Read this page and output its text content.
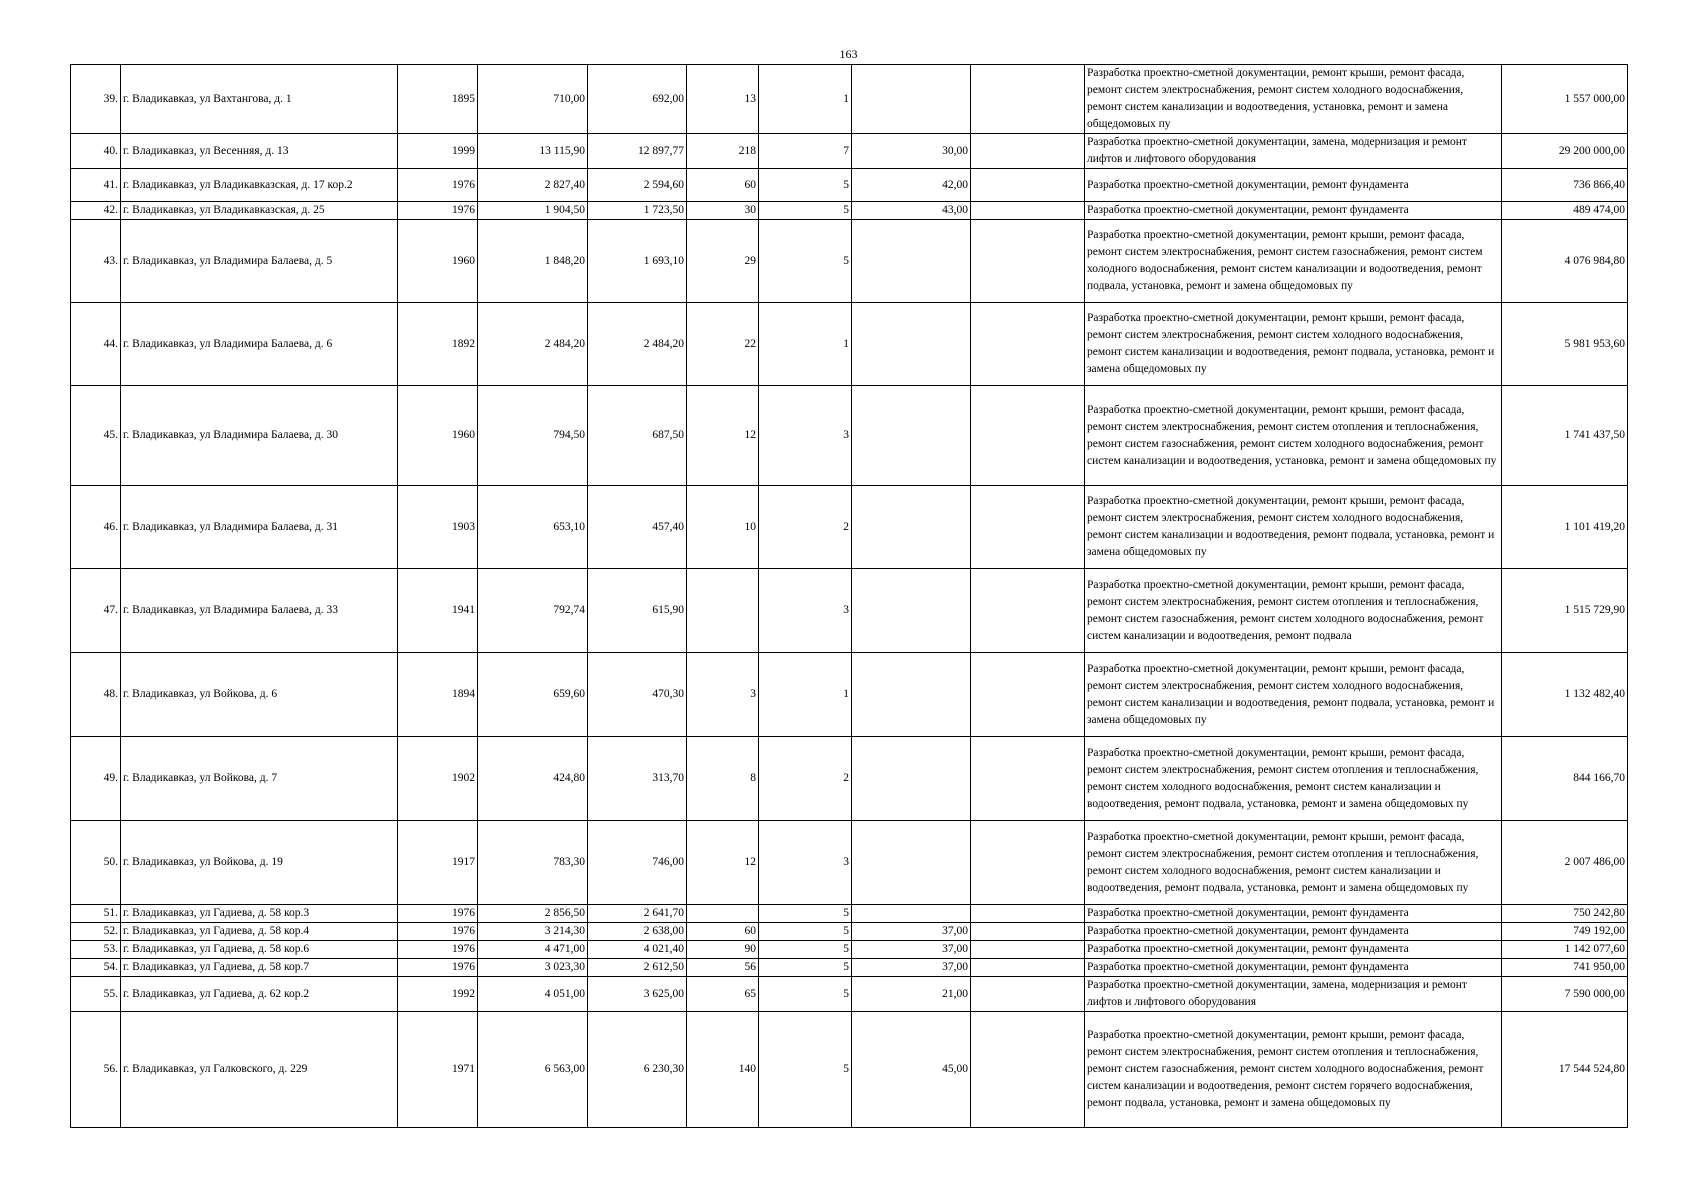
163
39.	г. Владикавказ, ул Вахтангова, д. 1	1895	710,00	692,00	13	1			Разработка проектно-сметной документации, ремонт крыши, ремонт фасада, ремонт систем электроснабжения, ремонт систем холодного водоснабжения, ремонт систем канализации и водоотведения, установка, ремонт и замена общедомовых пу	1 557 000,00
40.	г. Владикавказ, ул Весенняя, д. 13	1999	13 115,90	12 897,77	218	7	30,00		Разработка проектно-сметной документации, замена, модернизация и ремонт лифтов и лифтового оборудования	29 200 000,00
41.	г. Владикавказ, ул Владикавказская, д. 17 кор.2	1976	2 827,40	2 594,60	60	5	42,00		Разработка проектно-сметной документации, ремонт фундамента	736 866,40
42.	г. Владикавказ, ул Владикавказская, д. 25	1976	1 904,50	1 723,50	30	5	43,00		Разработка проектно-сметной документации, ремонт фундамента	489 474,00
43.	г. Владикавказ, ул Владимира Балаева, д. 5	1960	1 848,20	1 693,10	29	5			Разработка проектно-сметной документации, ремонт крыши, ремонт фасада, ремонт систем электроснабжения, ремонт систем газоснабжения, ремонт систем холодного водоснабжения, ремонт систем канализации и водоотведения, ремонт подвала, установка, ремонт и замена общедомовых пу	4 076 984,80
44.	г. Владикавказ, ул Владимира Балаева, д. 6	1892	2 484,20	2 484,20	22	1			Разработка проектно-сметной документации, ремонт крыши, ремонт фасада, ремонт систем электроснабжения, ремонт систем холодного водоснабжения, ремонт систем канализации и водоотведения, ремонт подвала, установка, ремонт и замена общедомовых пу	5 981 953,60
45.	г. Владикавказ, ул Владимира Балаева, д. 30	1960	794,50	687,50	12	3			Разработка проектно-сметной документации, ремонт крыши, ремонт фасада, ремонт систем электроснабжения, ремонт систем отопления и теплоснабжения, ремонт систем газоснабжения, ремонт систем холодного водоснабжения, ремонт систем канализации и водоотведения, установка, ремонт и замена общедомовых пу	1 741 437,50
46.	г. Владикавказ, ул Владимира Балаева, д. 31	1903	653,10	457,40	10	2			Разработка проектно-сметной документации, ремонт крыши, ремонт фасада, ремонт систем электроснабжения, ремонт систем холодного водоснабжения, ремонт систем канализации и водоотведения, ремонт подвала, установка, ремонт и замена общедомовых пу	1 101 419,20
47.	г. Владикавказ, ул Владимира Балаева, д. 33	1941	792,74	615,90		3			Разработка проектно-сметной документации, ремонт крыши, ремонт фасада, ремонт систем электроснабжения, ремонт систем отопления и теплоснабжения, ремонт систем газоснабжения, ремонт систем холодного водоснабжения, ремонт систем канализации и водоотведения, ремонт подвала	1 515 729,90
48.	г. Владикавказ, ул Войкова, д. 6	1894	659,60	470,30	3	1			Разработка проектно-сметной документации, ремонт крыши, ремонт фасада, ремонт систем электроснабжения, ремонт систем холодного водоснабжения, ремонт систем канализации и водоотведения, ремонт подвала, установка, ремонт и замена общедомовых пу	1 132 482,40
49.	г. Владикавказ, ул Войкова, д. 7	1902	424,80	313,70	8	2			Разработка проектно-сметной документации, ремонт крыши, ремонт фасада, ремонт систем электроснабжения, ремонт систем отопления и теплоснабжения, ремонт систем холодного водоснабжения, ремонт систем канализации и водоотведения, ремонт подвала, установка, ремонт и замена общедомовых пу	844 166,70
50.	г. Владикавказ, ул Войкова, д. 19	1917	783,30	746,00	12	3			Разработка проектно-сметной документации, ремонт крыши, ремонт фасада, ремонт систем электроснабжения, ремонт систем отопления и теплоснабжения, ремонт систем холодного водоснабжения, ремонт систем канализации и водоотведения, ремонт подвала, установка, ремонт и замена общедомовых пу	2 007 486,00
51.	г. Владикавказ, ул Гадиева, д. 58 кор.3	1976	2 856,50	2 641,70		5			Разработка проектно-сметной документации, ремонт фундамента	750 242,80
52.	г. Владикавказ, ул Гадиева, д. 58 кор.4	1976	3 214,30	2 638,00	60	5	37,00		Разработка проектно-сметной документации, ремонт фундамента	749 192,00
53.	г. Владикавказ, ул Гадиева, д. 58 кор.6	1976	4 471,00	4 021,40	90	5	37,00		Разработка проектно-сметной документации, ремонт фундамента	1 142 077,60
54.	г. Владикавказ, ул Гадиева, д. 58 кор.7	1976	3 023,30	2 612,50	56	5	37,00		Разработка проектно-сметной документации, ремонт фундамента	741 950,00
55.	г. Владикавказ, ул Гадиева, д. 62 кор.2	1992	4 051,00	3 625,00	65	5	21,00		Разработка проектно-сметной документации, замена, модернизация и ремонт лифтов и лифтового оборудования	7 590 000,00
56.	г. Владикавказ, ул Галковского, д. 229	1971	6 563,00	6 230,30	140	5	45,00		Разработка проектно-сметной документации, ремонт крыши, ремонт фасада, ремонт систем электроснабжения, ремонт систем отопления и теплоснабжения, ремонт систем газоснабжения, ремонт систем холодного водоснабжения, ремонт систем канализации и водоотведения, ремонт систем горячего водоснабжения, ремонт подвала, установка, ремонт и замена общедомовых пу	17 544 524,80
